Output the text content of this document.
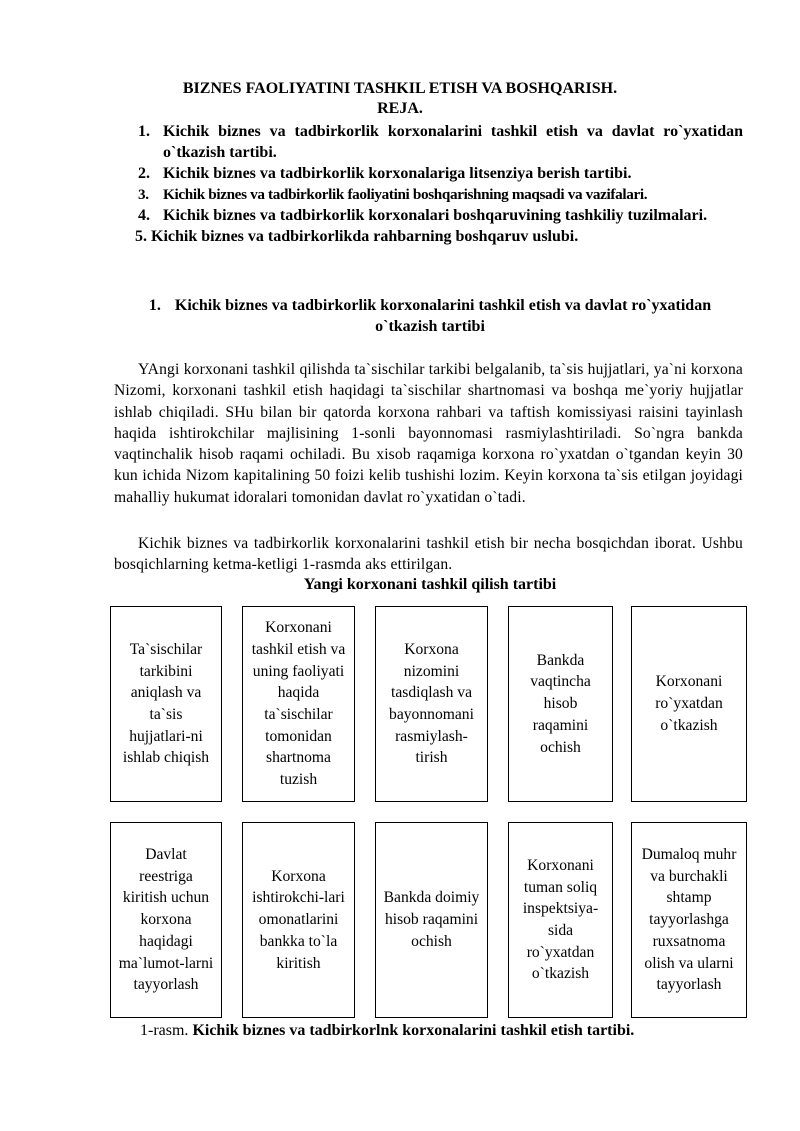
BIZNES FAOLIYATINI TASHKIL ETISH VA BOSHQARISH.
REJA.
1. Kichik biznes va tadbirkorlik korxonalarini tashkil etish va davlat ro`yxatidan o`tkazish tartibi.
2. Kichik biznes va tadbirkorlik korxonalariga litsenziya berish tartibi.
3. Kichik biznes va tadbirkorlik faoliyatini boshqarishning maqsadi va vazifalari.
4. Kichik biznes va tadbirkorlik korxonalari boshqaruvining tashkiliy tuzilmalari.
5. Kichik biznes va tadbirkorlikda rahbarning boshqaruv uslubi.
1. Kichik biznes va tadbirkorlik korxonalarini tashkil etish va davlat ro`yxatidan o`tkazish tartibi

YAngi korxonani tashkil qilishda ta`sischilar tarkibi belgalanib, ta`sis hujjatlari, ya`ni korxona Nizomi, korxonani tashkil etish haqidagi ta`sischilar shartnomasi va boshqa me`yoriy hujjatlar ishlab chiqiladi. SHu bilan bir qatorda korxona rahbari va taftish komissiyasi raisini tayinlash haqida ishtirokchilar majlisining 1-sonli bayonnomasi rasmiylashtiriladi. So`ngra bankda vaqtinchalik hisob raqami ochiladi. Bu xisob raqamiga korxona ro`yxatdan o`tgandan keyin 30 kun ichida Nizom kapitalining 50 foizi kelib tushishi lozim. Keyin korxona ta`sis etilgan joyidagi mahalliy hukumat idoralari tomonidan davlat ro`yxatidan o`tadi.

Kichik biznes va tadbirkorlik korxonalarini tashkil etish bir necha bosqichdan iborat. Ushbu bosqichlarning ketma-ketligi 1-rasmda aks ettirilgan.

Yangi korxonani tashkil qilish tartibi
Ta`sischilar tarkibini aniqlash va ta`sis hujjatlari-ni ishlab chiqish
Korxonani tashkil etish va uning faoliyati haqida ta`sischilar tomonidan shartnoma tuzish
Korxona nizomini tasdiqlash va bayonnomani rasmiylash-tirish
Bankda vaqtincha hisob raqamini ochish
Korxonani ro`yxatdan o`tkazish
Davlat reestriga kiritish uchun korxona haqidagi ma`lumot-larni tayyorlash
Korxona ishtirokchi-lari omonatlarini bankka to`la kiritish
Bankda doimiy hisob raqamini ochish
Korxonani tuman soliq inspektsiya-sida ro`yxatdan o`tkazish
Dumaloq muhr va burchakli shtamp tayyorlashga ruxsatnoma olish va ularni tayyorlash
1-rasm. Kichik biznes va tadbirkorlnk korxonalarini tashkil etish tartibi.
